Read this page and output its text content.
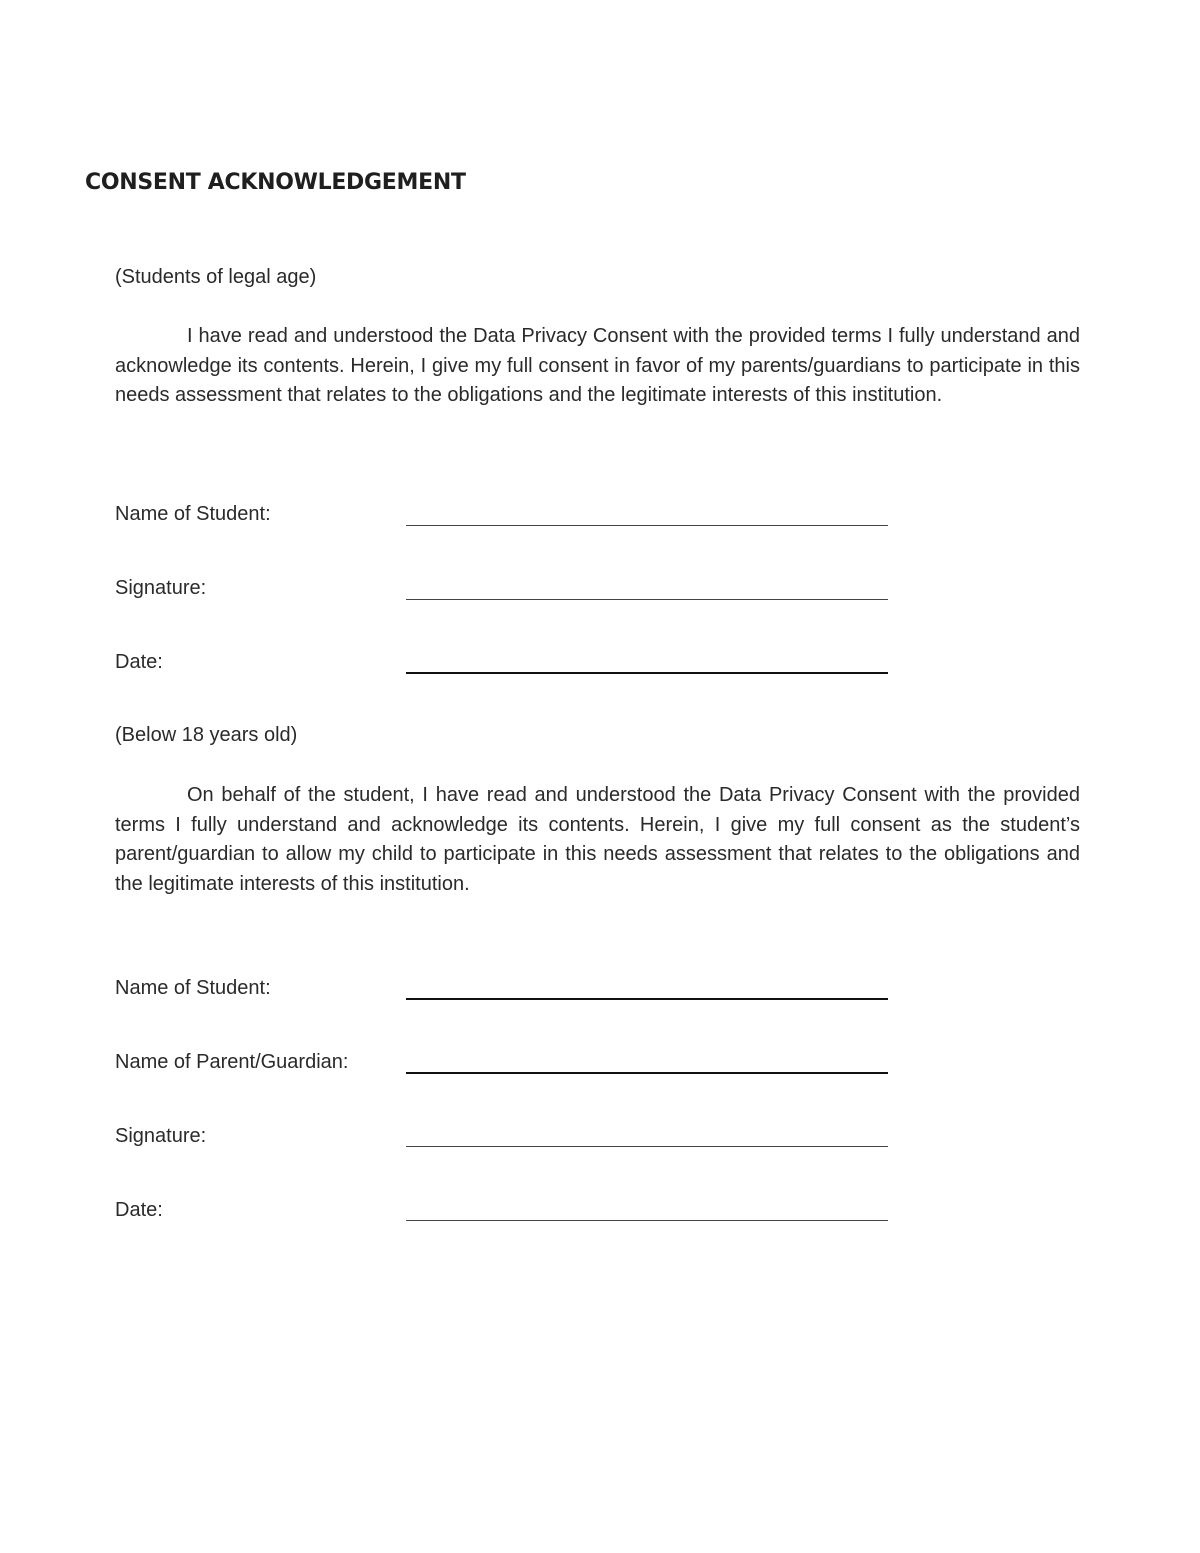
CONSENT ACKNOWLEDGEMENT

(Students of legal age)

I have read and understood the Data Privacy Consent with the provided terms I fully understand and acknowledge its contents. Herein, I give my full consent in favor of my parents/guardians to participate in this needs assessment that relates to the obligations and the legitimate interests of this institution.

Name of Student:

Signature:

Date:

(Below 18 years old)

On behalf of the student, I have read and understood the Data Privacy Consent with the provided terms I fully understand and acknowledge its contents. Herein, I give my full consent as the student’s parent/guardian to allow my child to participate in this needs assessment that relates to the obligations and the legitimate interests of this institution.

Name of Student:

Name of Parent/Guardian:

Signature:

Date:
